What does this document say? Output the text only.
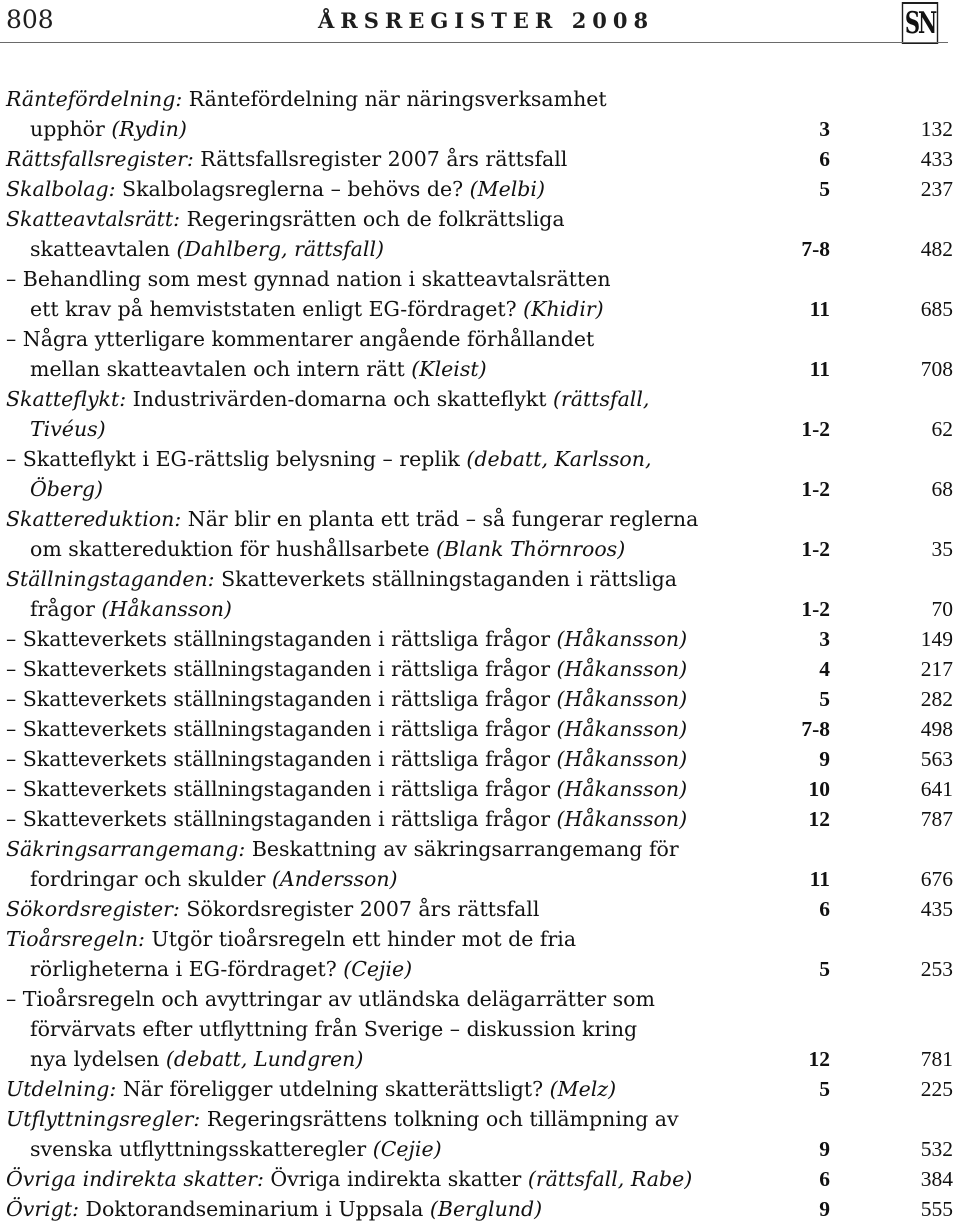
808	ÅRSREGISTER 2008	SN
Räntefördelning: Räntefördelning när näringsverksamhet
upphör (Rydin)	3	132
Rättsfallsregister: Rättsfallsregister 2007 års rättsfall	6	433
Skalbolag: Skalbolagsreglerna – behövs de? (Melbi)	5	237
Skatteavtalsrätt: Regeringsrätten och de folkrättsliga
skatteavtalen (Dahlberg, rättsfall)	7-8	482
– Behandling som mest gynnad nation i skatteavtalsrätten
ett krav på hemviststaten enligt EG-fördraget? (Khidir)	11	685
– Några ytterligare kommentarer angående förhållandet
mellan skatteavtalen och intern rätt (Kleist)	11	708
Skatteflykt: Industrivärden-domarna och skatteflykt (rättsfall,
Tivéus)	1-2	62
– Skatteflykt i EG-rättslig belysning – replik (debatt, Karlsson,
Öberg)	1-2	68
Skattereduktion: När blir en planta ett träd – så fungerar reglerna
om skattereduktion för hushållsarbete (Blank Thörnroos)	1-2	35
Ställningstaganden: Skatteverkets ställningstaganden i rättsliga
frågor (Håkansson)	1-2	70
– Skatteverkets ställningstaganden i rättsliga frågor (Håkansson)	3	149
– Skatteverkets ställningstaganden i rättsliga frågor (Håkansson)	4	217
– Skatteverkets ställningstaganden i rättsliga frågor (Håkansson)	5	282
– Skatteverkets ställningstaganden i rättsliga frågor (Håkansson)	7-8	498
– Skatteverkets ställningstaganden i rättsliga frågor (Håkansson)	9	563
– Skatteverkets ställningstaganden i rättsliga frågor (Håkansson)	10	641
– Skatteverkets ställningstaganden i rättsliga frågor (Håkansson)	12	787
Säkringsarrangemang: Beskattning av säkringsarrangemang för
fordringar och skulder (Andersson)	11	676
Sökordsregister: Sökordsregister 2007 års rättsfall	6	435
Tioårsregeln: Utgör tioårsregeln ett hinder mot de fria
rörligheterna i EG-fördraget? (Cejie)	5	253
– Tioårsregeln och avyttringar av utländska delägarrätter som
förvärvats efter utflyttning från Sverige – diskussion kring
nya lydelsen (debatt, Lundgren)	12	781
Utdelning: När föreligger utdelning skatterättsligt? (Melz)	5	225
Utflyttningsregler: Regeringsrättens tolkning och tillämpning av
svenska utflyttningsskatteregler (Cejie)	9	532
Övriga indirekta skatter: Övriga indirekta skatter (rättsfall, Rabe)	6	384
Övrigt: Doktorandseminarium i Uppsala (Berglund)	9	555
